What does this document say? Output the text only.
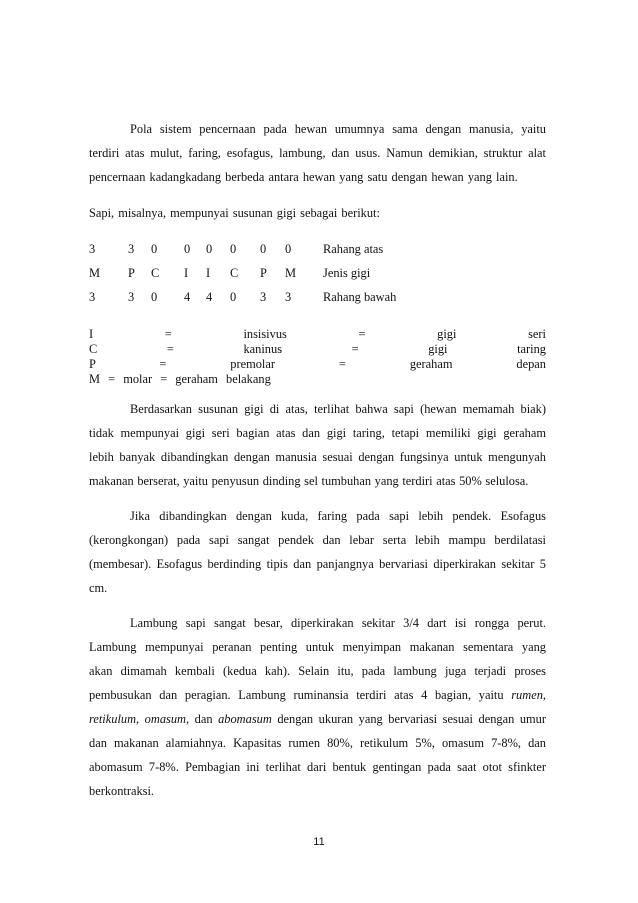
Pola sistem pencernaan pada hewan umumnya sama dengan manusia, yaitu
terdiri atas mulut, faring, esofagus, lambung, dan usus. Namun demikian, struktur alat
pencernaan kadangkadang berbeda antara hewan yang satu dengan hewan yang lain.
Sapi, misalnya, mempunyai susunan gigi sebagai berikut:
3	3 0 0 0 0 0 0	Rahang atas
M P C I I C P M Jenis gigi
3	3 0 4 4 0 3 3	Rahang bawah
I = insisivus = gigi seri
C = kaninus = gigi taring
P = premolar = geraham depan
M = molar = geraham belakang
Berdasarkan susunan gigi di atas, terlihat bahwa sapi (hewan memamah biak)
tidak mempunyai gigi seri bagian atas dan gigi taring, tetapi memiliki gigi geraham
lebih banyak dibandingkan dengan manusia sesuai dengan fungsinya untuk mengunyah
makanan berserat, yaitu penyusun dinding sel tumbuhan yang terdiri atas 50% selulosa.
Jika dibandingkan dengan kuda, faring pada sapi lebih pendek. Esofagus
(kerongkongan) pada sapi sangat pendek dan lebar serta lebih mampu berdilatasi
(membesar). Esofagus berdinding tipis dan panjangnya bervariasi diperkirakan sekitar 5
cm.
Lambung sapi sangat besar, diperkirakan sekitar 3/4 dart isi rongga perut.
Lambung mempunyai peranan penting untuk menyimpan makanan sementara yang
akan dimamah kembali (kedua kah). Selain itu, pada lambung juga terjadi proses
pembusukan dan peragian. Lambung ruminansia terdiri atas 4 bagian, yaitu rumen,
retikulum, omasum, dan abomasum dengan ukuran yang bervariasi sesuai dengan umur
dan makanan alamiahnya. Kapasitas rumen 80%, retikulum 5%, omasum 7-8%, dan
abomasum 7-8%. Pembagian ini terlihat dari bentuk gentingan pada saat otot sfinkter
berkontraksi.
11
